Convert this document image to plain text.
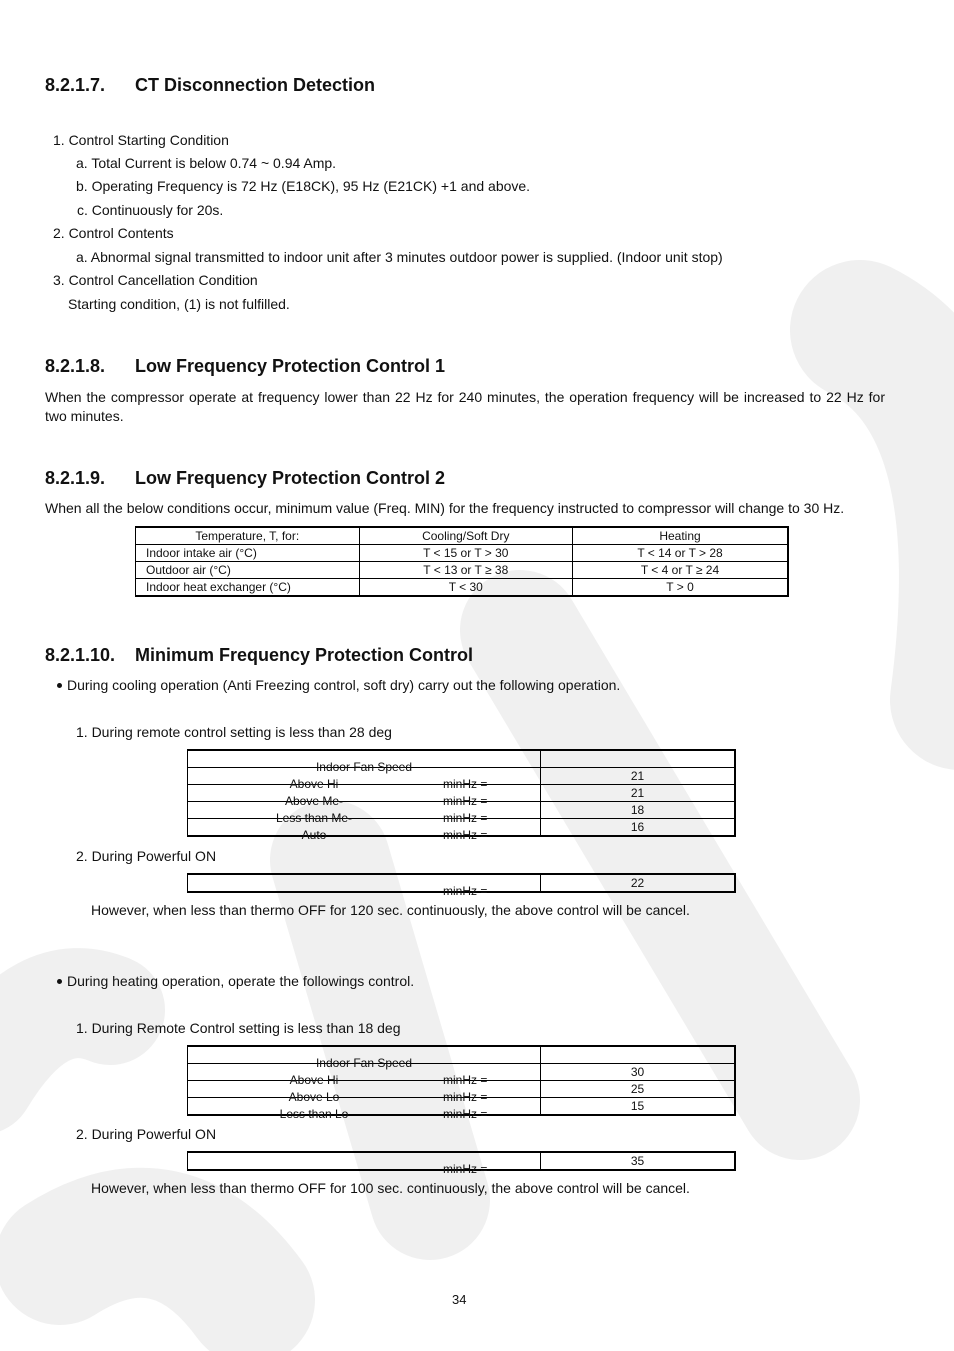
8.2.1.7. CT Disconnection Detection
1. Control Starting Condition
a. Total Current is below 0.74 ~ 0.94 Amp.
b. Operating Frequency is 72 Hz (E18CK), 95 Hz (E21CK) +1 and above.
c. Continuously for 20s.
2. Control Contents
a. Abnormal signal transmitted to indoor unit after 3 minutes outdoor power is supplied. (Indoor unit stop)
3. Control Cancellation Condition
Starting condition, (1) is not fulfilled.
8.2.1.8. Low Frequency Protection Control 1
When the compressor operate at frequency lower than 22 Hz for 240 minutes, the operation frequency will be increased to 22 Hz for two minutes.
8.2.1.9. Low Frequency Protection Control 2
When all the below conditions occur, minimum value (Freq. MIN) for the frequency instructed to compressor will change to 30 Hz.
Temperature, T, for:	Cooling/Soft Dry	Heating
Indoor intake air (°C)	T < 15 or T > 30	T < 14 or T > 28
Outdoor air (°C)	T < 13 or T ≥ 38	T < 4 or T ≥ 24
Indoor heat exchanger (°C)	T < 30	T > 0
8.2.1.10. Minimum Frequency Protection Control
During cooling operation (Anti Freezing control, soft dry) carry out the following operation.
1. During remote control setting is less than 28 deg
Indoor Fan Speed	

Above Hi minHz =	21

Above Me- minHz =	21

Less than Me- minHz =	18

Auto minHz =	16
2. During Powerful ON
minHz =
	22
However, when less than thermo OFF for 120 sec. continuously, the above control will be cancel.
During heating operation, operate the followings control.
1. During Remote Control setting is less than 18 deg
Indoor Fan Speed	

Above Hi minHz =	30

Above Lo minHz =	25

Less than Lo minHz =	15
2. During Powerful ON
minHz =
	35
However, when less than thermo OFF for 100 sec. continuously, the above control will be cancel.
34
